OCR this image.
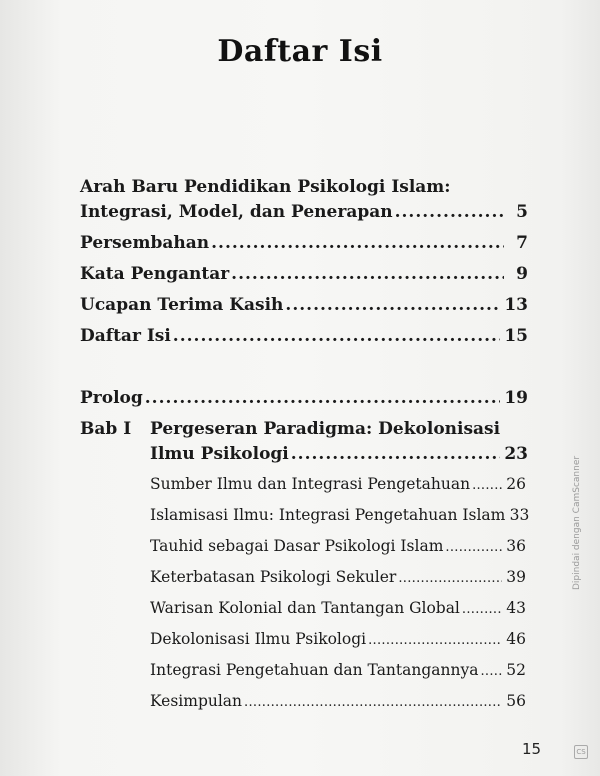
Daftar Isi
Arah Baru Pendidikan Psikologi Islam:
Integrasi, Model, dan Penerapan .....	5
Persembahan .....	7
Kata Pengantar .....	9
Ucapan Terima Kasih .....	13
Daftar Isi .....	15
Prolog .....	19
Bab I Pergeseran Paradigma: Dekolonisasi
Ilmu Psikologi .....	23
Sumber Ilmu dan Integrasi Pengetahuan ..... 26
Islamisasi Ilmu: Integrasi Pengetahuan Islam 33
Tauhid sebagai Dasar Psikologi Islam .....	36
Keterbatasan Psikologi Sekuler .....	39
Warisan Kolonial dan Tantangan Global .....	43
Dekolonisasi Ilmu Psikologi .....	46
Integrasi Pengetahuan dan Tantangannya ..... 52
Kesimpulan .....	56
15
Dipindai dengan CamScanner
CS
